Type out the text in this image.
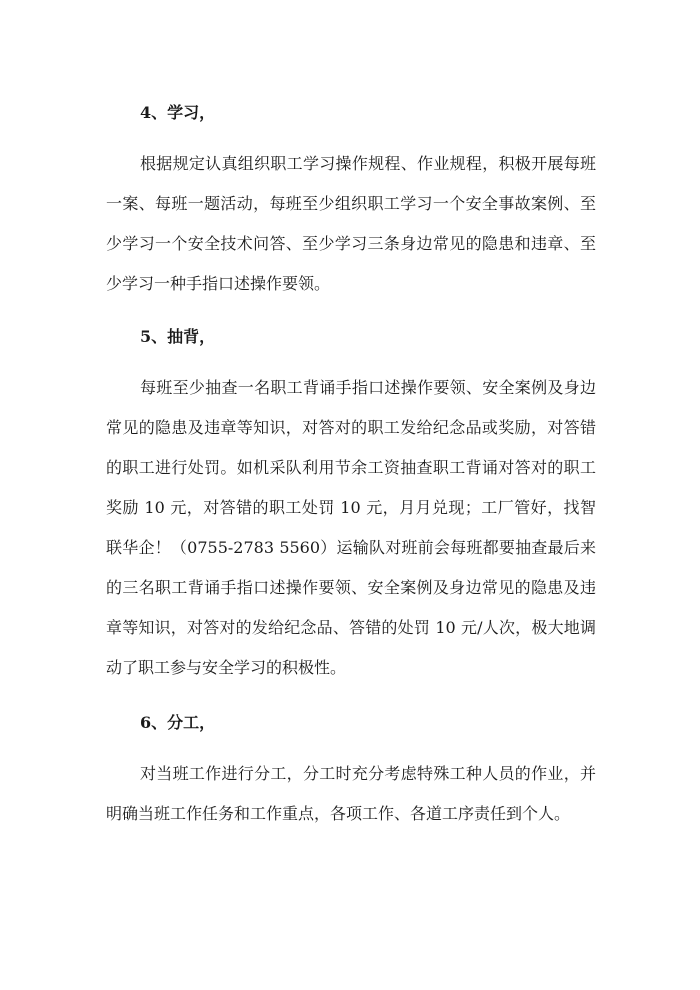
4、学习，

根据规定认真组织职工学习操作规程、作业规程，积极开展每班一案、每班一题活动，每班至少组织职工学习一个安全事故案例、至少学习一个安全技术问答、至少学习三条身边常见的隐患和违章、至少学习一种手指口述操作要领。

5、抽背，

每班至少抽查一名职工背诵手指口述操作要领、安全案例及身边常见的隐患及违章等知识，对答对的职工发给纪念品或奖励，对答错的职工进行处罚。如机采队利用节余工资抽查职工背诵对答对的职工奖励 10 元，对答错的职工处罚 10 元，月月兑现；工厂管好，找智联华企！（0755-2783 5560）运输队对班前会每班都要抽查最后来的三名职工背诵手指口述操作要领、安全案例及身边常见的隐患及违章等知识，对答对的发给纪念品、答错的处罚 10 元/人次，极大地调动了职工参与安全学习的积极性。

6、分工，

对当班工作进行分工，分工时充分考虑特殊工种人员的作业，并明确当班工作任务和工作重点，各项工作、各道工序责任到个人。
